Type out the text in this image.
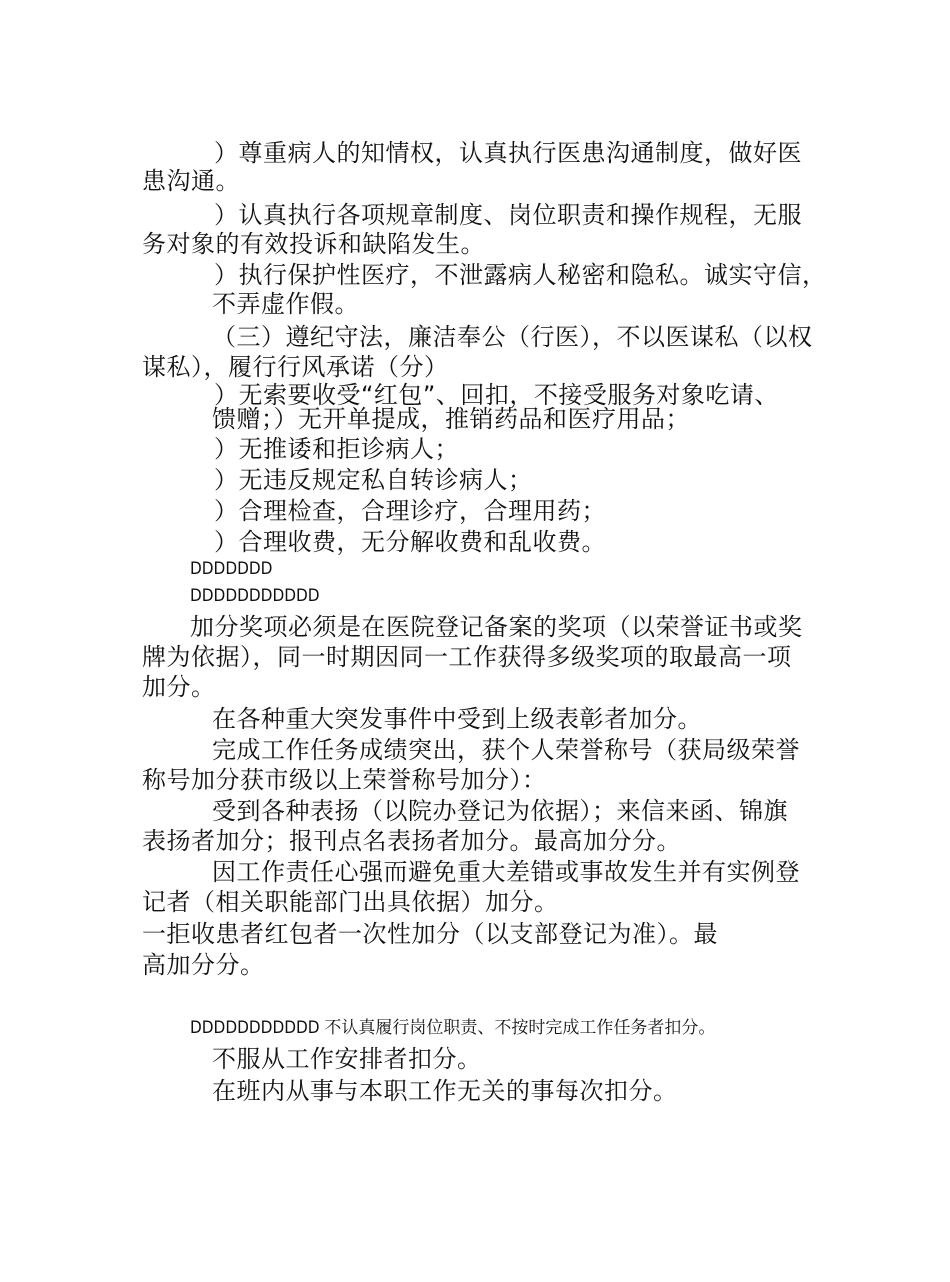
）尊重病人的知情权，认真执行医患沟通制度，做好医
患沟通。
）认真执行各项规章制度、岗位职责和操作规程，无服
务对象的有效投诉和缺陷发生。
）执行保护性医疗，不泄露病人秘密和隐私。诚实守信，
不弄虚作假。
（三）遵纪守法，廉洁奉公（行医），不以医谋私（以权
谋私），履行行风承诺（分）
）无索要收受“红包”、回扣，不接受服务对象吃请、
馈赠；）无开单提成，推销药品和医疗用品；
）无推诿和拒诊病人；
）无违反规定私自转诊病人；
）合理检查，合理诊疗，合理用药；
）合理收费，无分解收费和乱收费。
DDDDDDD
DDDDDDDDDDD
加分奖项必须是在医院登记备案的奖项（以荣誉证书或奖
牌为依据），同一时期因同一工作获得多级奖项的取最高一项
加分。
在各种重大突发事件中受到上级表彰者加分。
完成工作任务成绩突出，获个人荣誉称号（获局级荣誉
称号加分获市级以上荣誉称号加分）：
受到各种表扬（以院办登记为依据）；来信来函、锦旗
表扬者加分；报刊点名表扬者加分。最高加分分。
因工作责任心强而避免重大差错或事故发生并有实例登
记者（相关职能部门出具依据）加分。
一拒收患者红包者一次性加分（以支部登记为准）。最
高加分分。
DDDDDDDDDDD 不认真履行岗位职责、不按时完成工作任务者扣分。
不服从工作安排者扣分。
在班内从事与本职工作无关的事每次扣分。
